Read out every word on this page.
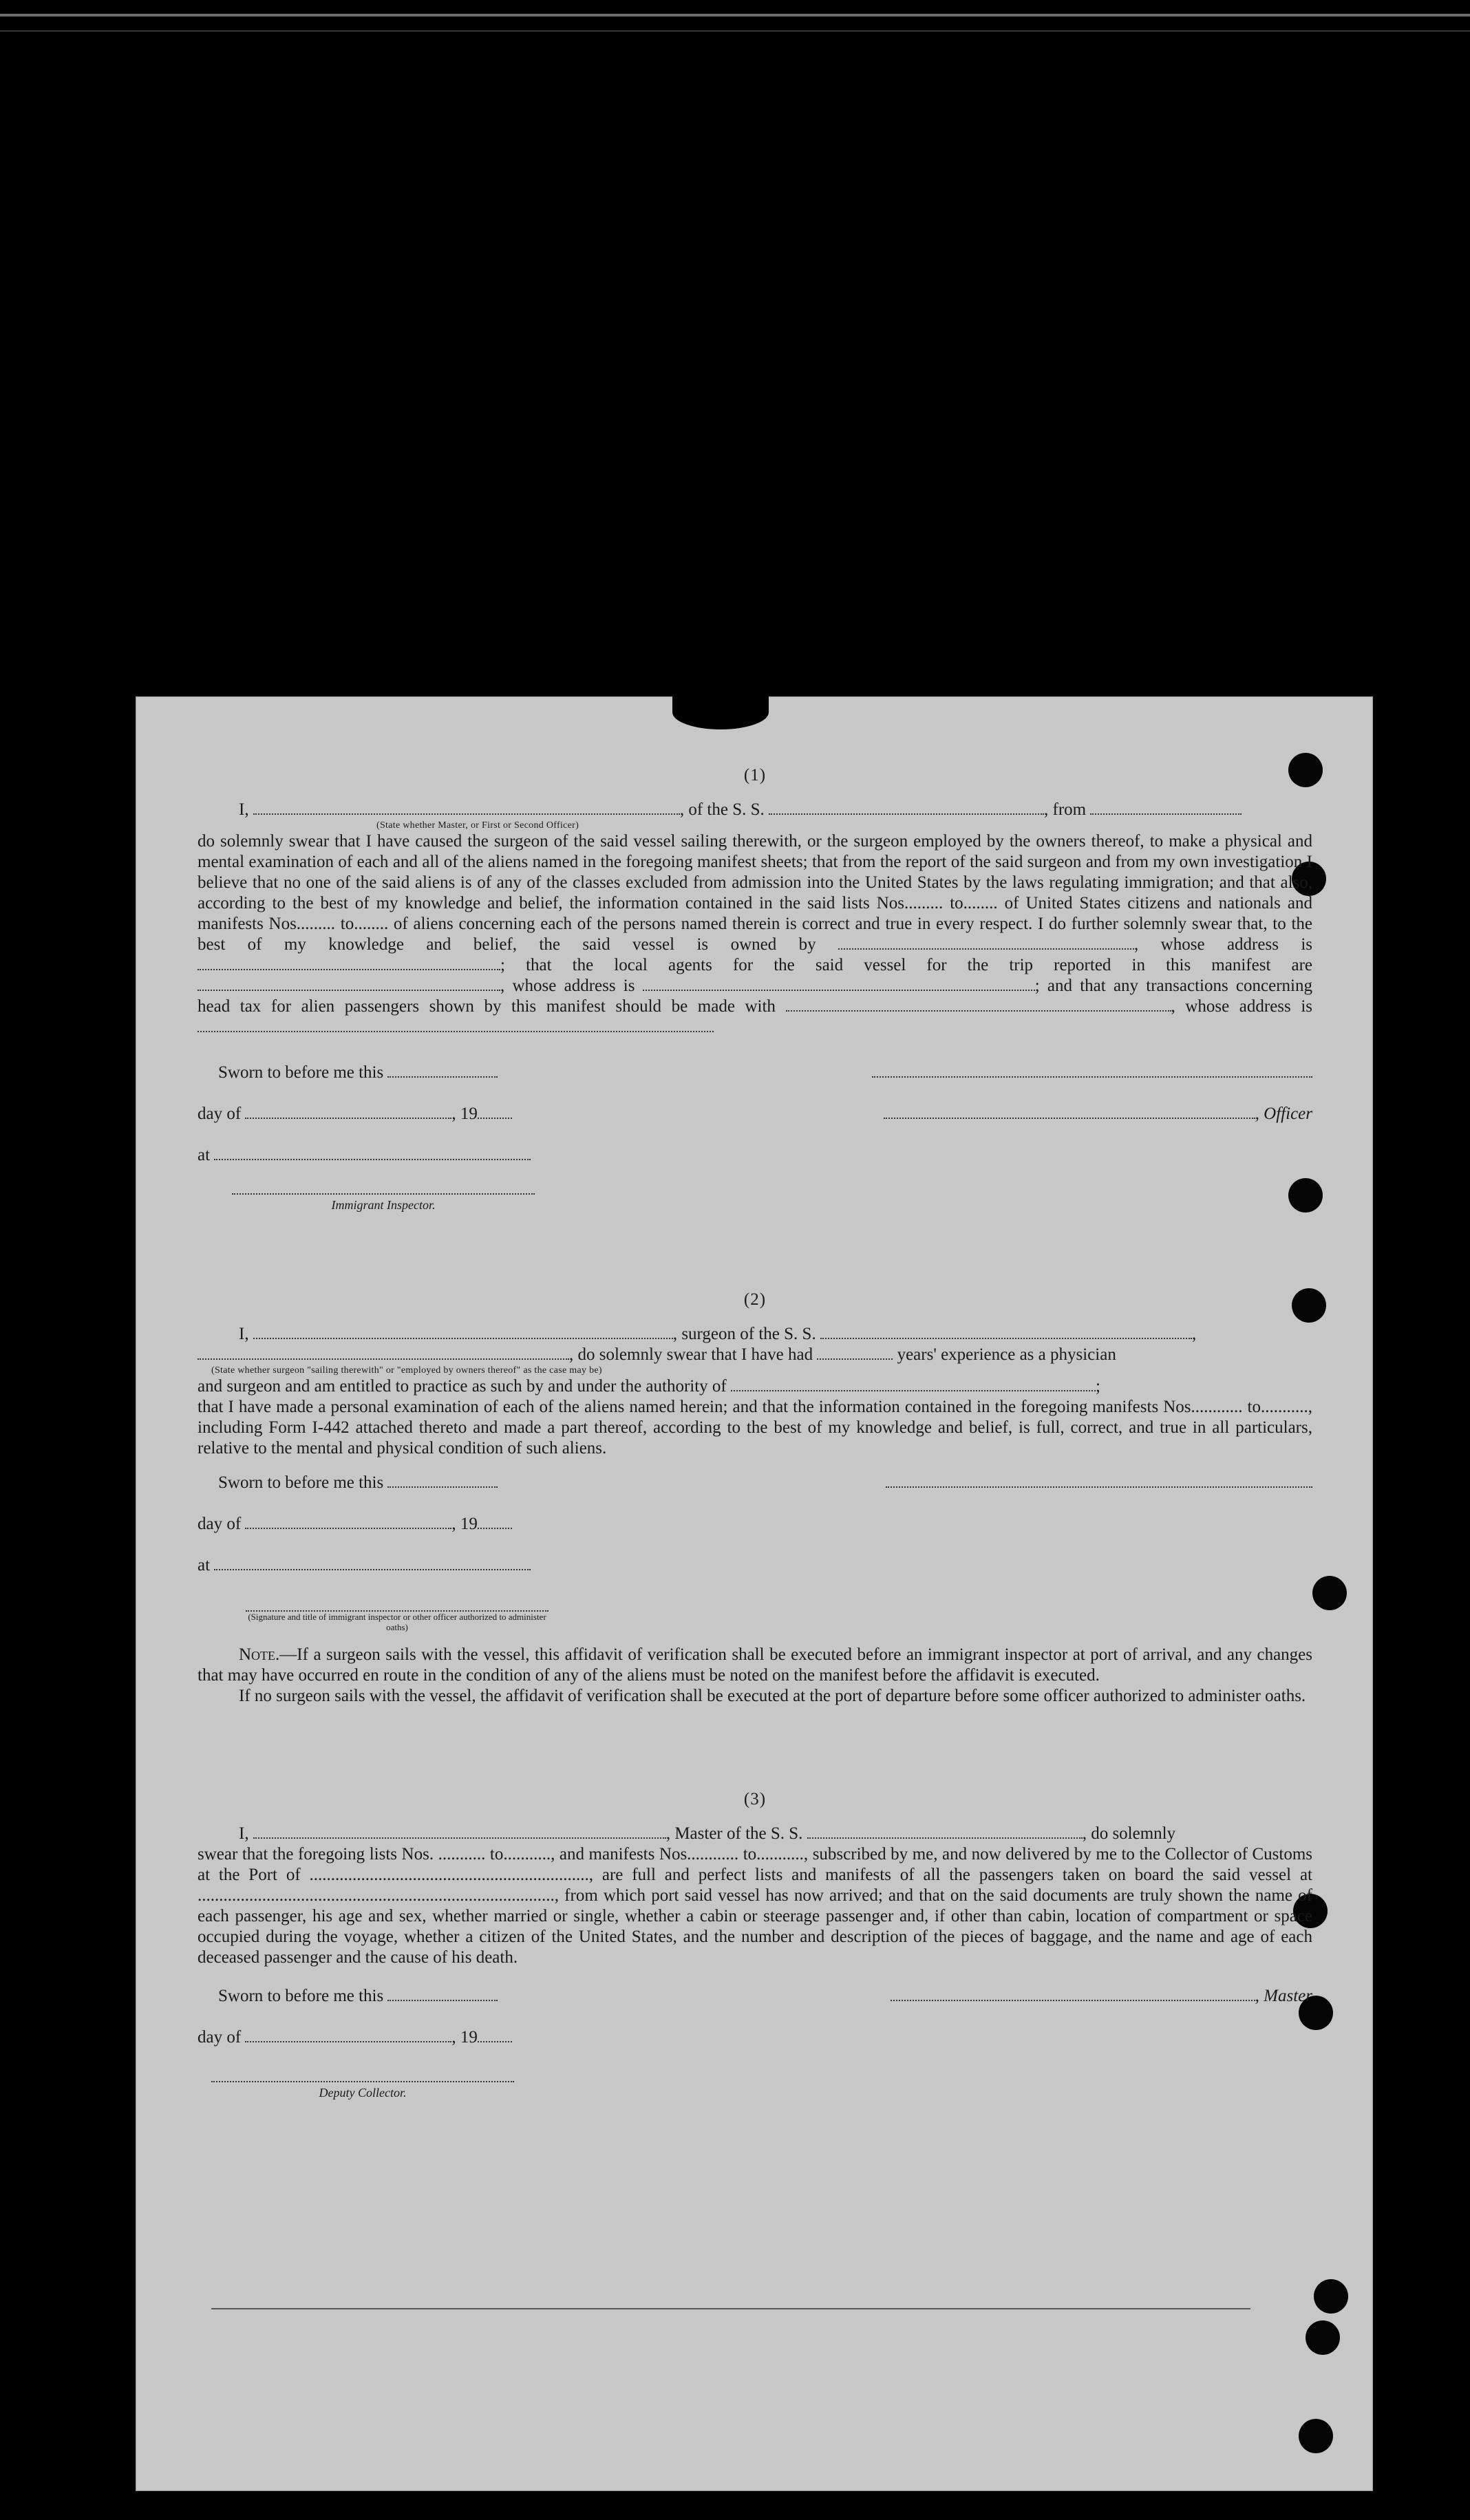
(1)
I,	, of the S. S.	, from
(State whether Master, or First or Second Officer)

do solemnly swear that I have caused the surgeon of the said vessel sailing therewith, or the surgeon employed by the owners thereof, to make a physical and mental examination of each and all of the aliens named in the foregoing manifest sheets; that from the report of the said surgeon and from my own investigation I believe that no one of the said aliens is of any of the classes excluded from admission into the United States by the laws regulating immigration; and that also, according to the best of my knowledge and belief, the information contained in the said lists Nos......... to........ of United States citizens and nationals and manifests Nos......... to........ of aliens concerning each of the persons named therein is correct and true in every respect. I do further solemnly swear that, to the best of my knowledge and belief, the said vessel is owned by	, whose address is ; that the local agents for the said vessel for the trip reported in this manifest are , whose address is	; and that any transactions concerning head tax for alien passengers shown by this manifest should be made with	, whose address is

Sworn to before me this
day of	, 19
at
Immigrant Inspector.
, Officer
(2)
I,	, surgeon of the S. S.	,
, do solemnly swear that I have had	years' experience as a physician
(State whether surgeon "sailing therewith" or "employed by owners thereof" as the case may be)
and surgeon and am entitled to practice as such by and under the authority of	;

that I have made a personal examination of each of the aliens named herein; and that the information contained in the foregoing manifests Nos............ to..........., including Form I-442 attached thereto and made a part thereof, according to the best of my knowledge and belief, is full, correct, and true in all particulars, relative to the mental and physical condition of such aliens.

Sworn to before me this
day of	, 19
at
(Signature and title of immigrant inspector or other officer authorized to administer oaths)

Note.—If a surgeon sails with the vessel, this affidavit of verification shall be executed before an immigrant inspector at port of arrival, and any changes that may have occurred en route in the condition of any of the aliens must be noted on the manifest before the affidavit is executed.

If no surgeon sails with the vessel, the affidavit of verification shall be executed at the port of departure before some officer authorized to administer oaths.

(3)
I,	, Master of the S. S.	, do solemnly

swear that the foregoing lists Nos. ........... to..........., and manifests Nos............ to..........., subscribed by me, and now delivered by me to the Collector of Customs at the Port of ................................................................., are full and perfect lists and manifests of all the passengers taken on board the said vessel at ..................................................................................., from which port said vessel has now arrived; and that on the said documents are truly shown the name of each passenger, his age and sex, whether married or single, whether a cabin or steerage passenger and, if other than cabin, location of compartment or space occupied during the voyage, whether a citizen of the United States, and the number and description of the pieces of baggage, and the name and age of each deceased passenger and the cause of his death.

Sworn to before me this
day of	, 19
Deputy Collector.
, Master
